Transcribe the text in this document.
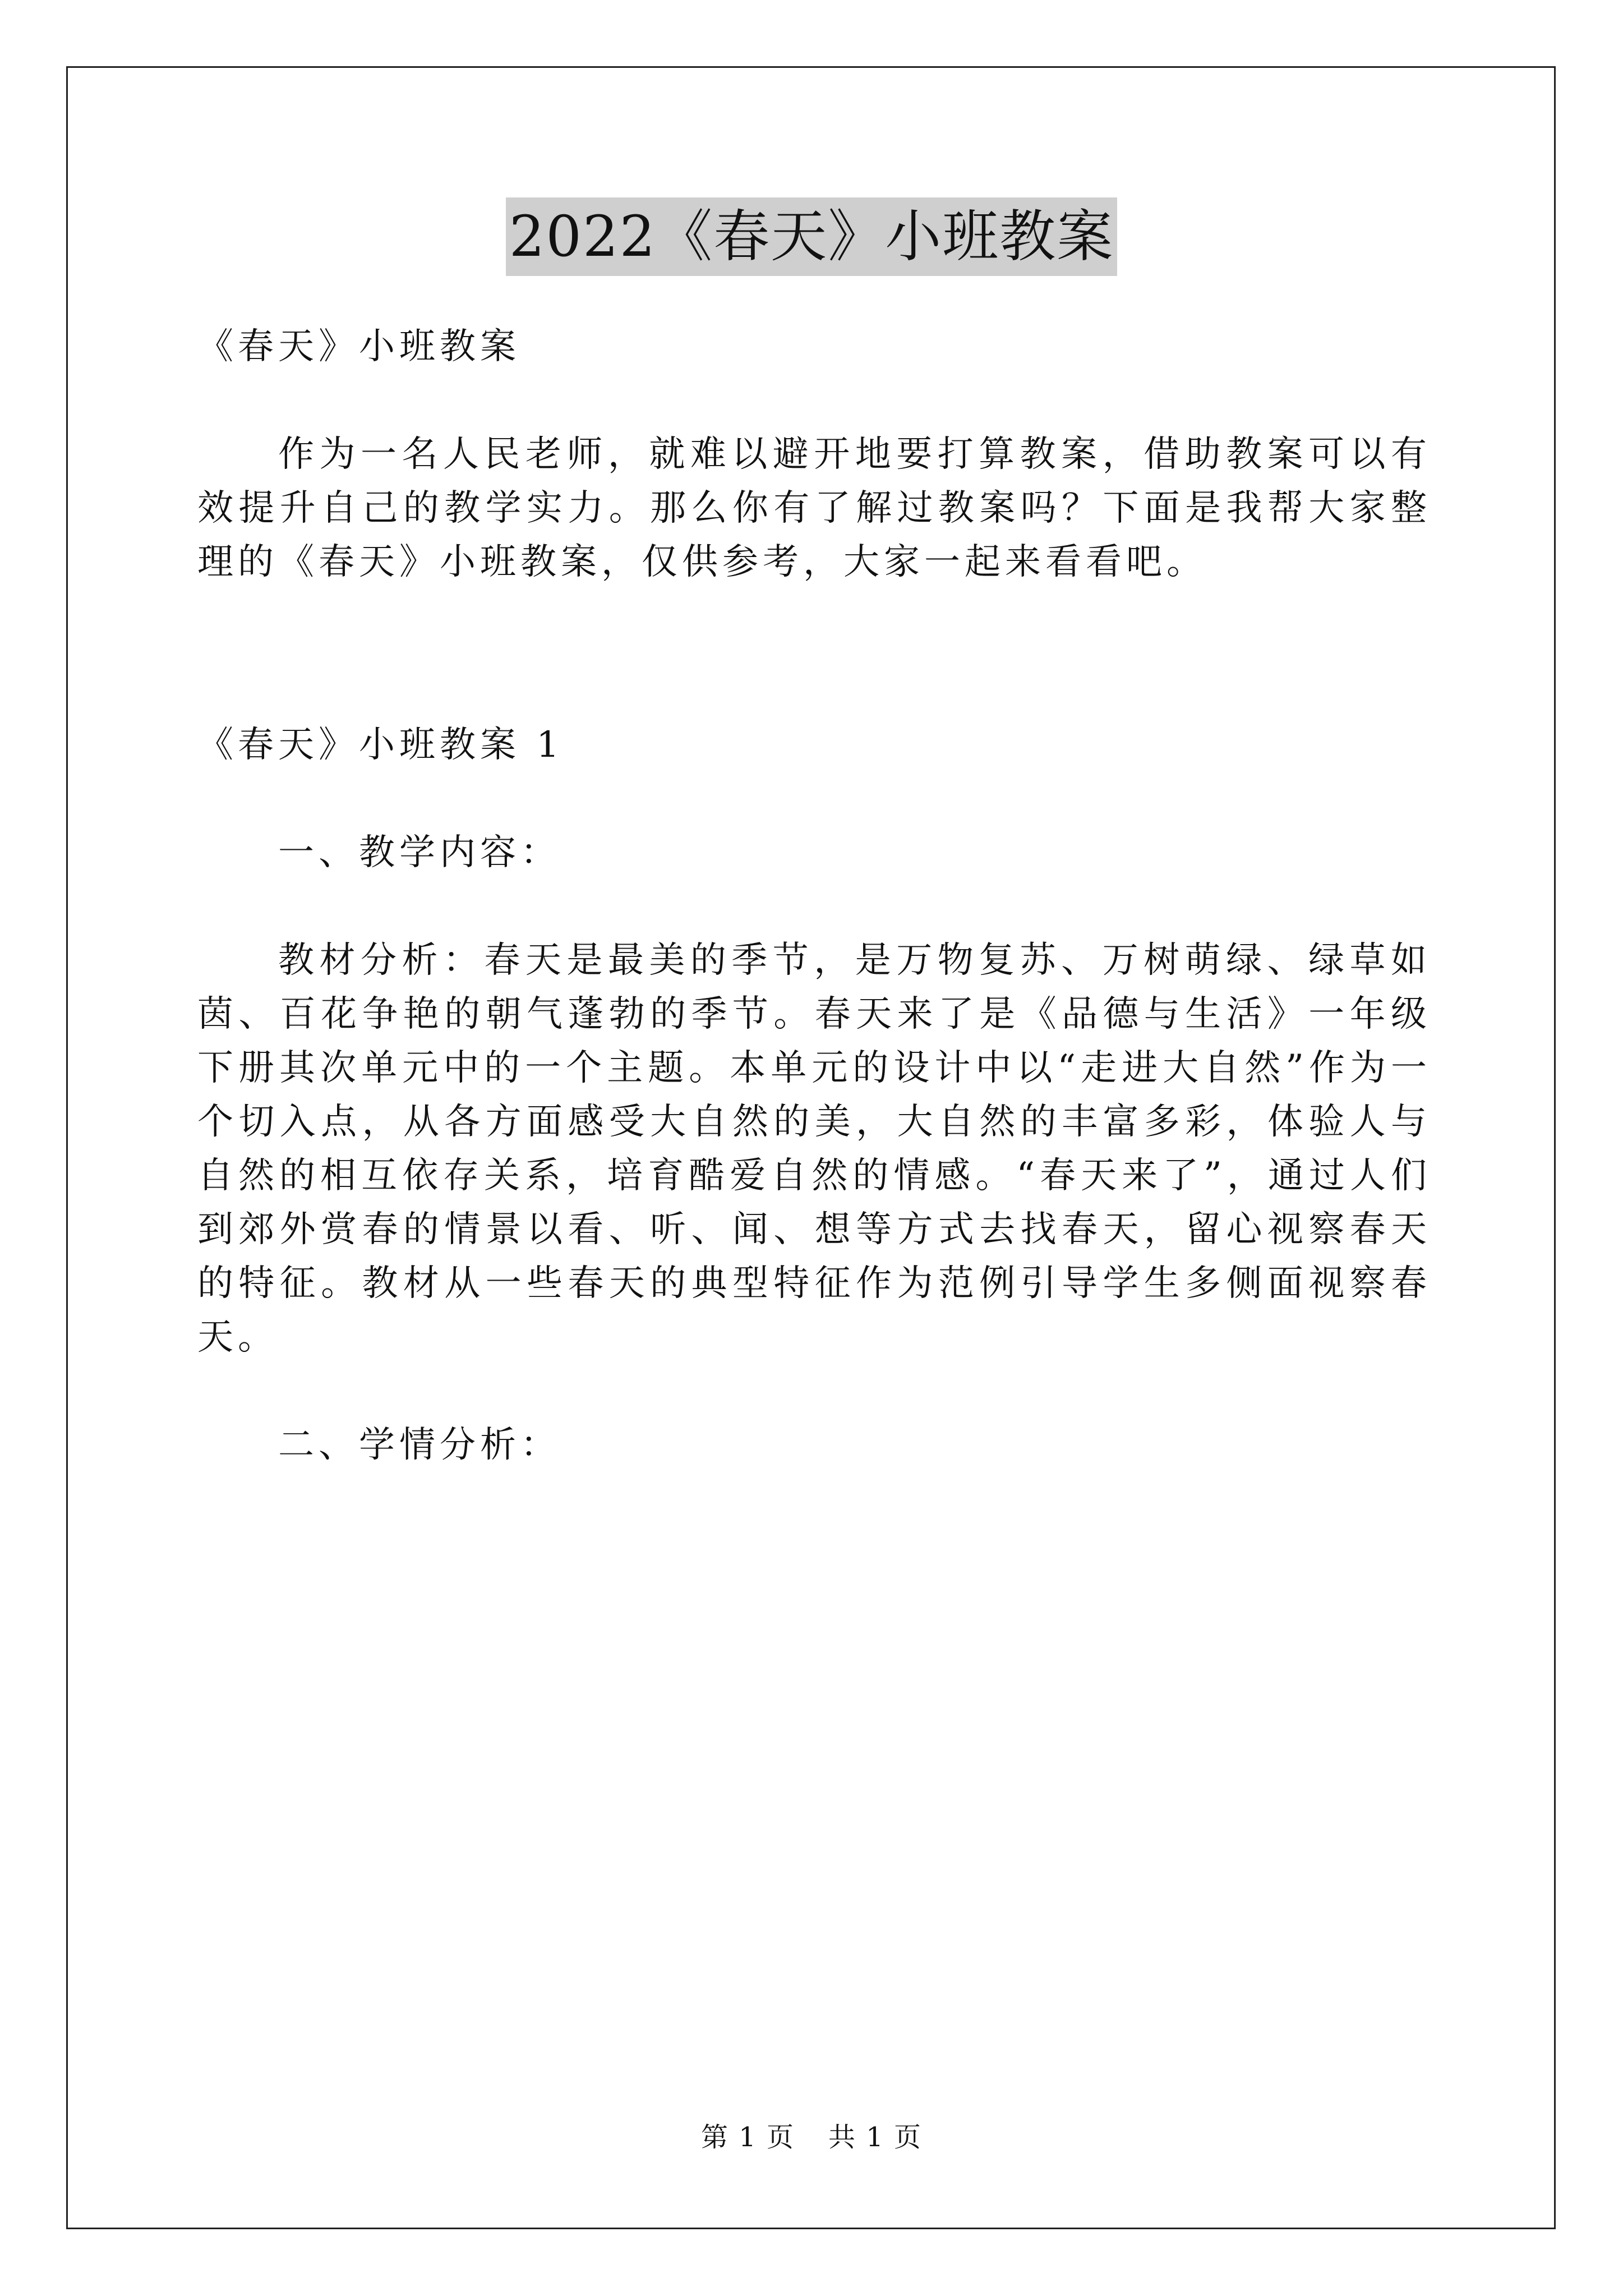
2022《春天》小班教案

《春天》小班教案

作为一名人民老师，就难以避开地要打算教案，借助教案可以有效提升自己的教学实力。那么你有了解过教案吗？下面是我帮大家整理的《春天》小班教案，仅供参考，大家一起来看看吧。

《春天》小班教案 1

一、教学内容：

教材分析：春天是最美的季节，是万物复苏、万树萌绿、绿草如茵、百花争艳的朝气蓬勃的季节。春天来了是《品德与生活》一年级下册其次单元中的一个主题。本单元的设计中以“走进大自然”作为一个切入点，从各方面感受大自然的美，大自然的丰富多彩，体验人与自然的相互依存关系，培育酷爱自然的情感。“春天来了”，通过人们到郊外赏春的情景以看、听、闻、想等方式去找春天，留心视察春天的特征。教材从一些春天的典型特征作为范例引导学生多侧面视察春天。

二、学情分析：

第 1 页 共 1 页
